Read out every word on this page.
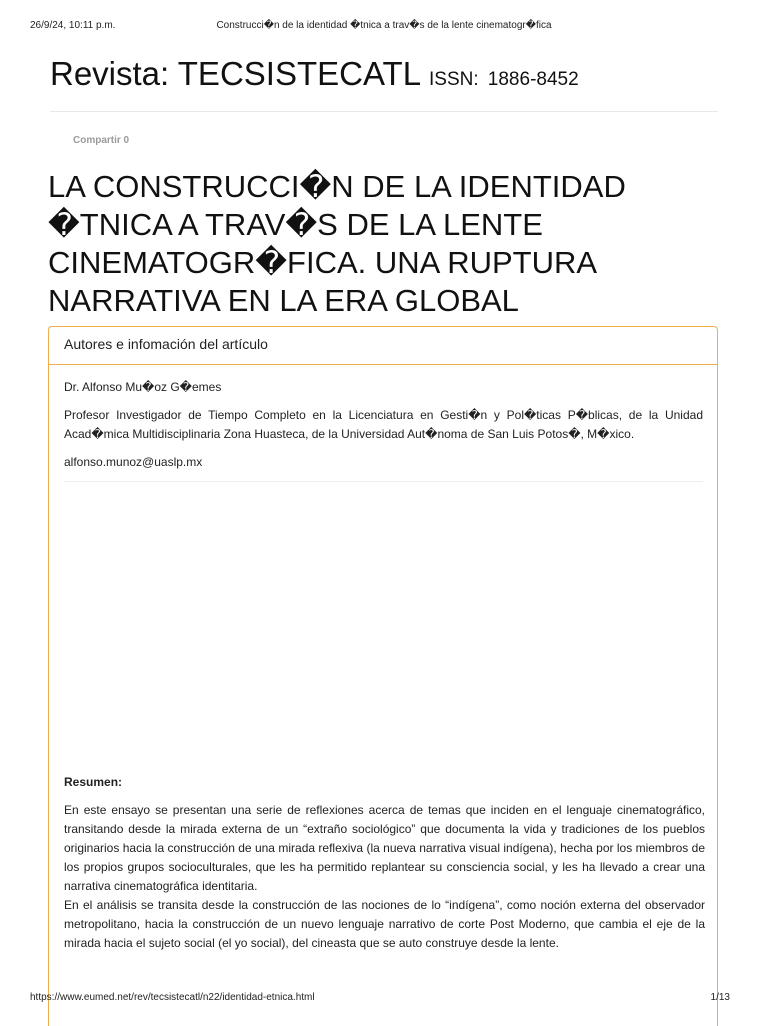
26/9/24, 10:11 p.m.	Construcci�n de la identidad �tnica a trav�s de la lente cinematogr�fica
Revista: TECSISTECATL ISSN: 1886-8452
Compartir 0
LA CONSTRUCCI�N DE LA IDENTIDAD �TNICA A TRAV�S DE LA LENTE CINEMATOGR�FICA. UNA RUPTURA NARRATIVA EN LA ERA GLOBAL
Autores e infomación del artículo

Dr. Alfonso Mu�oz G�emes

Profesor Investigador de Tiempo Completo en la Licenciatura en Gesti�n y Pol�ticas P�blicas, de la Unidad Acad�mica Multidisciplinaria Zona Huasteca, de la Universidad Aut�noma de San Luis Potos�, M�xico.

alfonso.munoz@uaslp.mx

Resumen:

En este ensayo se presentan una serie de reflexiones acerca de temas que inciden en el lenguaje cinematográfico, transitando desde la mirada externa de un “extraño sociológico” que documenta la vida y tradiciones de los pueblos originarios hacia la construcción de una mirada reflexiva (la nueva narrativa visual indígena), hecha por los miembros de los propios grupos socioculturales, que les ha permitido replantear su consciencia social, y les ha llevado a crear una narrativa cinematográfica identitaria.

En el análisis se transita desde la construcción de las nociones de lo “indígena”, como noción externa del observador metropolitano, hacia la construcción de un nuevo lenguaje narrativo de corte Post Moderno, que cambia el eje de la mirada hacia el sujeto social (el yo social), del cineasta que se auto construye desde la lente.

https://www.eumed.net/rev/tecsistecatl/n22/identidad-etnica.html	1/13
